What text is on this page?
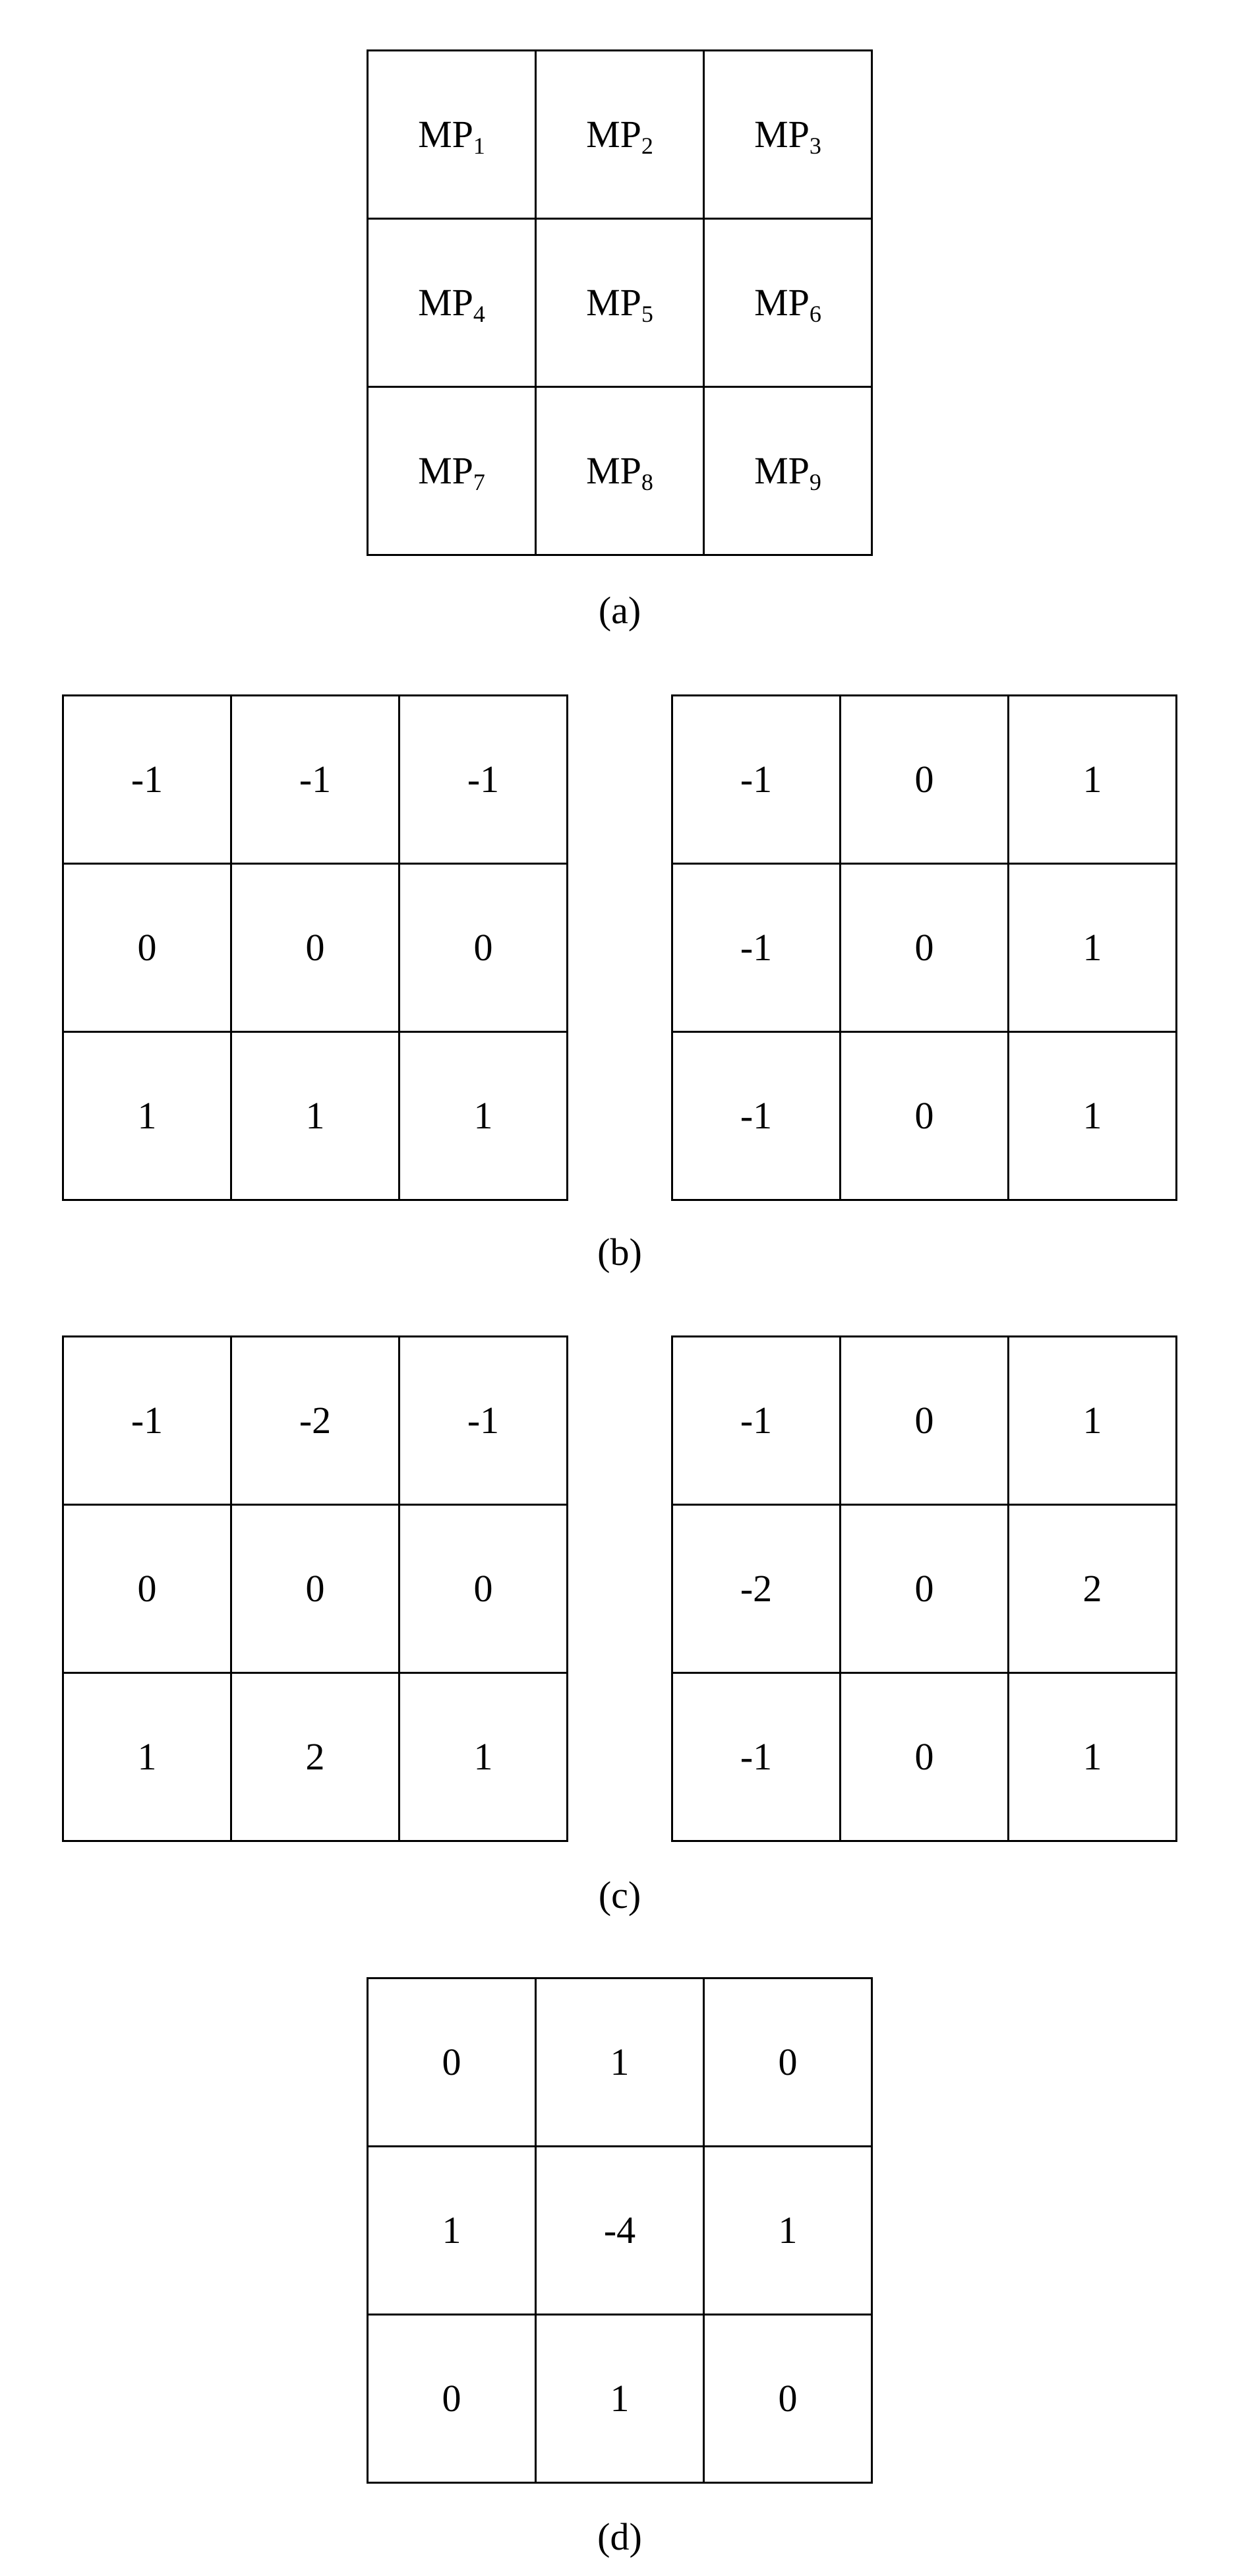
$MP_1$	$MP_2$	$MP_3$
$MP_4$	$MP_5$	$MP_6$
$MP_7$	$MP_8$	$MP_9$
(a)
-1	-1	-1
0	0	0
1	1	1
-1	0	1
-1	0	1
-1	0	1
(b)
-1	-2	-1
0	0	0
1	2	1
-1	0	1
-2	0	2
-1	0	1
(c)
0	1	0
1	-4	1
0	1	0
(d)
